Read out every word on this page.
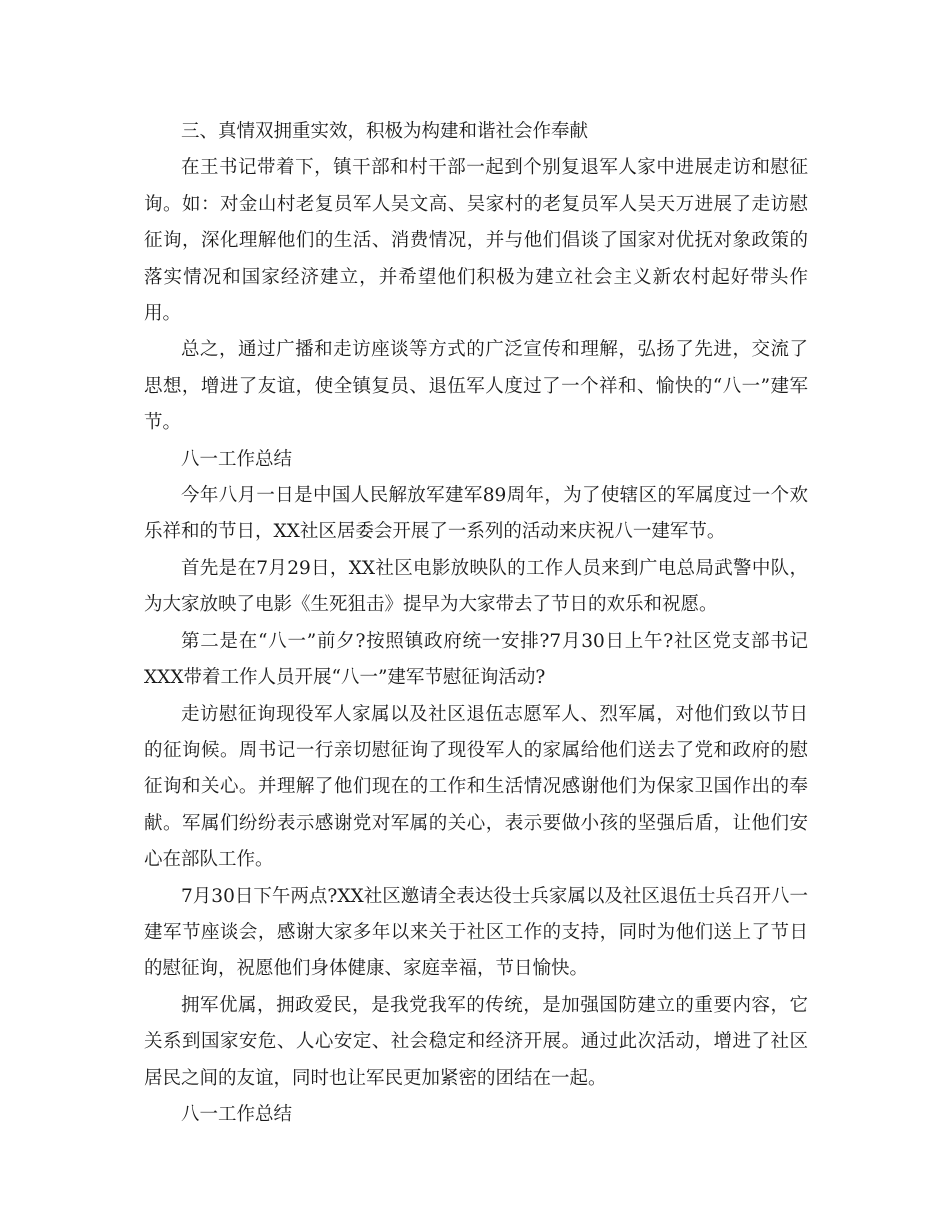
三、真情双拥重实效，积极为构建和谐社会作奉献

在王书记带着下，镇干部和村干部一起到个别复退军人家中进展走访和慰征询。如：对金山村老复员军人吴文高、吴家村的老复员军人吴天万进展了走访慰征询，深化理解他们的生活、消费情况，并与他们倡谈了国家对优抚对象政策的落实情况和国家经济建立，并希望他们积极为建立社会主义新农村起好带头作用。

总之，通过广播和走访座谈等方式的广泛宣传和理解，弘扬了先进，交流了思想，增进了友谊，使全镇复员、退伍军人度过了一个祥和、愉快的“八一”建军节。

八一工作总结

今年八月一日是中国人民解放军建军89周年，为了使辖区的军属度过一个欢乐祥和的节日，XX社区居委会开展了一系列的活动来庆祝八一建军节。

首先是在7月29日，XX社区电影放映队的工作人员来到广电总局武警中队，为大家放映了电影《生死狙击》提早为大家带去了节日的欢乐和祝愿。

第二是在“八一”前夕?按照镇政府统一安排?7月30日上午?社区党支部书记XXX带着工作人员开展“八一”建军节慰征询活动?

走访慰征询现役军人家属以及社区退伍志愿军人、烈军属，对他们致以节日的征询候。周书记一行亲切慰征询了现役军人的家属给他们送去了党和政府的慰征询和关心。并理解了他们现在的工作和生活情况感谢他们为保家卫国作出的奉献。军属们纷纷表示感谢党对军属的关心，表示要做小孩的坚强后盾，让他们安心在部队工作。

7月30日下午两点?XX社区邀请全表达役士兵家属以及社区退伍士兵召开八一建军节座谈会，感谢大家多年以来关于社区工作的支持，同时为他们送上了节日的慰征询，祝愿他们身体健康、家庭幸福，节日愉快。

拥军优属，拥政爱民，是我党我军的传统，是加强国防建立的重要内容，它关系到国家安危、人心安定、社会稳定和经济开展。通过此次活动，增进了社区居民之间的友谊，同时也让军民更加紧密的团结在一起。

八一工作总结
